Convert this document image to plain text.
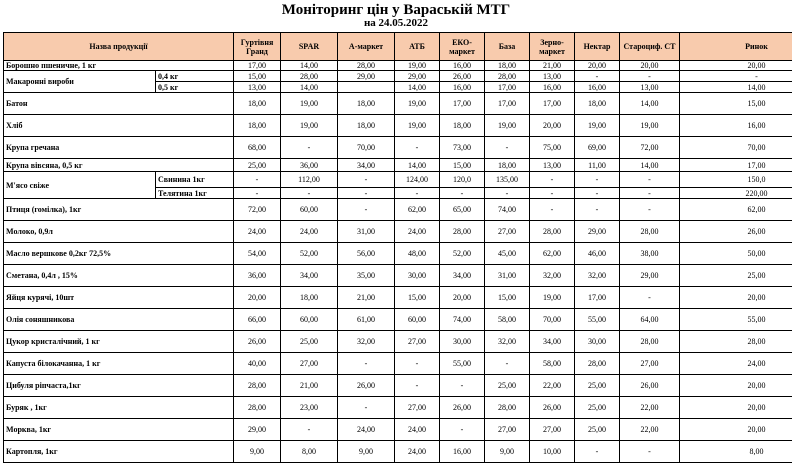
Моніторинг цін у Вараській МТГ
на 24.05.2022
Назва продукції		Гуртівня Гранд	SPAR	А-маркет	АТБ	ЕКО-маркет	База	Зерно-маркет	Нектар	Староциф. СТ	Ринок
Борошно пшеничне, 1 кг		17,00	14,00	28,00	19,00	16,00	18,00	21,00	20,00	20,00	20,00
Макаронні вироби	0,4 кг	15,00	28,00	29,00	29,00	26,00	28,00	13,00	-	-	-
	0,5 кг	13,00	14,00		14,00	16,00	17,00	16,00	16,00	13,00	14,00
Батон		18,00	19,00	18,00	19,00	17,00	17,00	17,00	18,00	14,00	15,00
Хліб		18,00	19,00	18,00	19,00	18,00	19,00	20,00	19,00	19,00	16,00
Крупа гречана		68,00	-	70,00	-	73,00	-	75,00	69,00	72,00	70,00
Крупа вівсяна, 0,5 кг		25,00	36,00	34,00	14,00	15,00	18,00	13,00	11,00	14,00	17,00
М'ясо свіже	Свинина 1кг	-	112,00	-	124,00	120,0	135,00	-	-	-	150,0
	Телятина 1кг	-	-	-	-	-	-	-	-	-	220,00
Птиця (гомілка), 1кг		72,00	60,00	-	62,00	65,00	74,00	-	-	-	62,00
Молоко, 0,9л		24,00	24,00	31,00	24,00	28,00	27,00	28,00	29,00	28,00	26,00
Масло вершкове 0,2кг 72,5%		54,00	52,00	56,00	48,00	52,00	45,00	62,00	46,00	38,00	50,00
Сметана, 0,4л , 15%		36,00	34,00	35,00	30,00	34,00	31,00	32,00	32,00	29,00	25,00
Яйця курячі, 10шт		20,00	18,00	21,00	15,00	20,00	15,00	19,00	17,00	-	20,00
Олія соняшникова		66,00	60,00	61,00	60,00	74,00	58,00	70,00	55,00	64,00	55,00
Цукор кристалічний, 1 кг		26,00	25,00	32,00	27,00	30,00	32,00	34,00	30,00	28,00	28,00
Капуста білокачанна, 1 кг		40,00	27,00	-	-	55,00	-	58,00	28,00	27,00	24,00
Цибуля ріпчаста,1кг		28,00	21,00	26,00	-	-	25,00	22,00	25,00	26,00	20,00
Буряк , 1кг		28,00	23,00	-	27,00	26,00	28,00	26,00	25,00	22,00	20,00
Морква, 1кг		29,00	-	24,00	24,00	-	27,00	27,00	25,00	22,00	20,00
Картопля, 1кг		9,00	8,00	9,00	24,00	16,00	9,00	10,00	-	-	8,00
